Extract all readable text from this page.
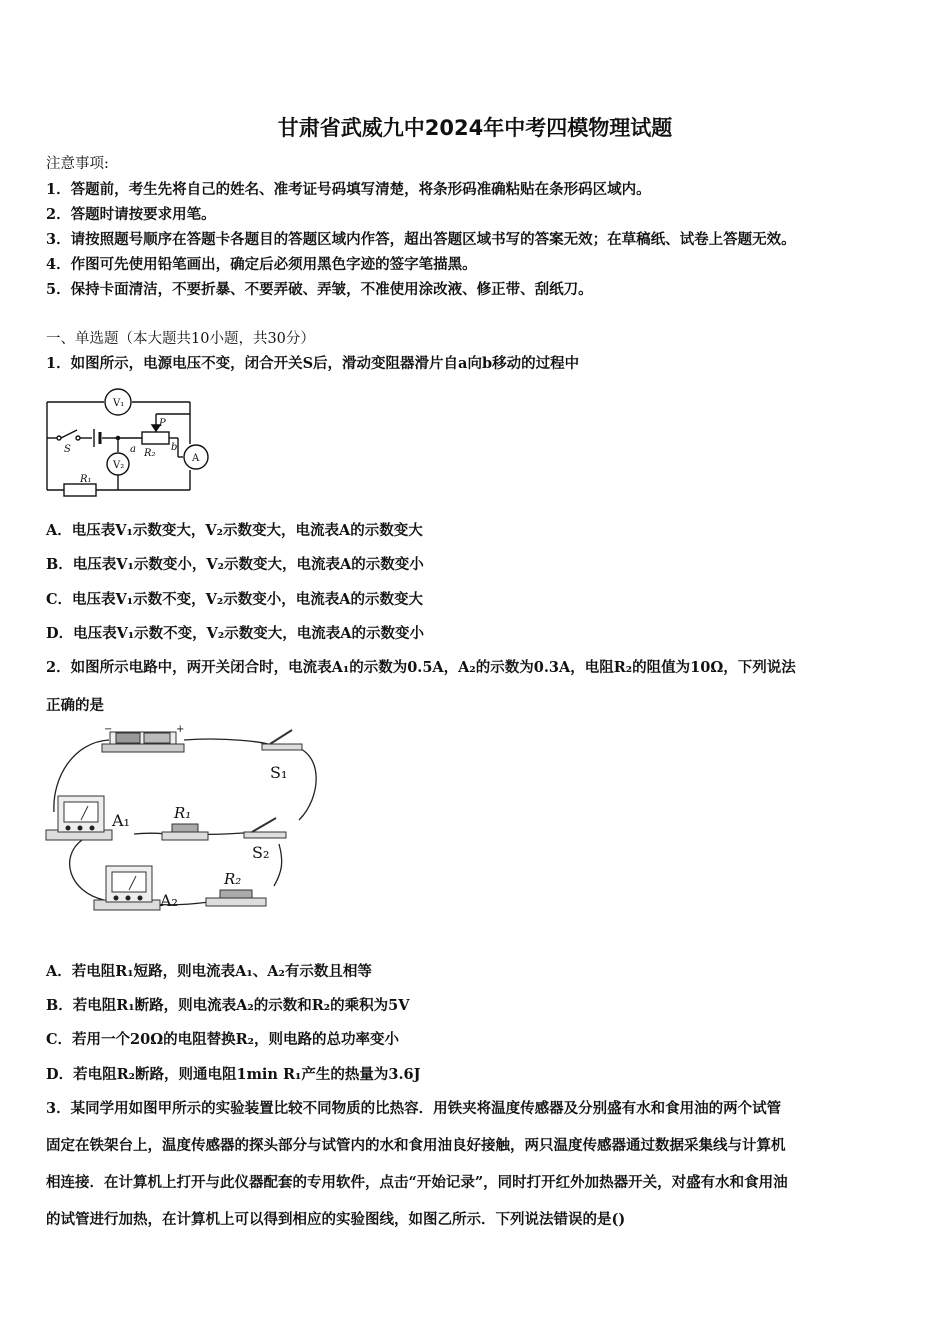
甘肃省武威九中2024年中考四模物理试题
注意事项:
1．答题前，考生先将自己的姓名、准考证号码填写清楚，将条形码准确粘贴在条形码区域内。
2．答题时请按要求用笔。
3．请按照题号顺序在答题卡各题目的答题区域内作答，超出答题区域书写的答案无效；在草稿纸、试卷上答题无效。
4．作图可先使用铅笔画出，确定后必须用黑色字迹的签字笔描黑。
5．保持卡面清洁，不要折暴、不要弄破、弄皱，不准使用涂改液、修正带、刮纸刀。
一、单选题（本大题共10小题，共30分）
1．如图所示，电源电压不变，闭合开关S后，滑动变阻器滑片自a向b移动的过程中
V₁
V₂
A
S
R₁
R₂
P
a	b
A．电压表V₁示数变大，V₂示数变大，电流表A的示数变大
B．电压表V₁示数变小，V₂示数变大，电流表A的示数变小
C．电压表V₁示数不变，V₂示数变小，电流表A的示数变大
D．电压表V₁示数不变，V₂示数变大，电流表A的示数变小
2．如图所示电路中，两开关闭合时，电流表A₁的示数为0.5A，A₂的示数为0.3A，电阻R₂的阻值为10Ω，下列说法
正确的是
−	+
S₁
A₁	R₁
S₂
A₂
R₂
A．若电阻R₁短路，则电流表A₁、A₂有示数且相等
B．若电阻R₁断路，则电流表A₂的示数和R₂的乘积为5V
C．若用一个20Ω的电阻替换R₂，则电路的总功率变小
D．若电阻R₂断路，则通电阻1min R₁产生的热量为3.6J
3．某同学用如图甲所示的实验装置比较不同物质的比热容．用铁夹将温度传感器及分别盛有水和食用油的两个试管
固定在铁架台上，温度传感器的探头部分与试管内的水和食用油良好接触，两只温度传感器通过数据采集线与计算机
相连接．在计算机上打开与此仪器配套的专用软件，点击“开始记录”，同时打开红外加热器开关，对盛有水和食用油
的试管进行加热，在计算机上可以得到相应的实验图线，如图乙所示．下列说法错误的是()
